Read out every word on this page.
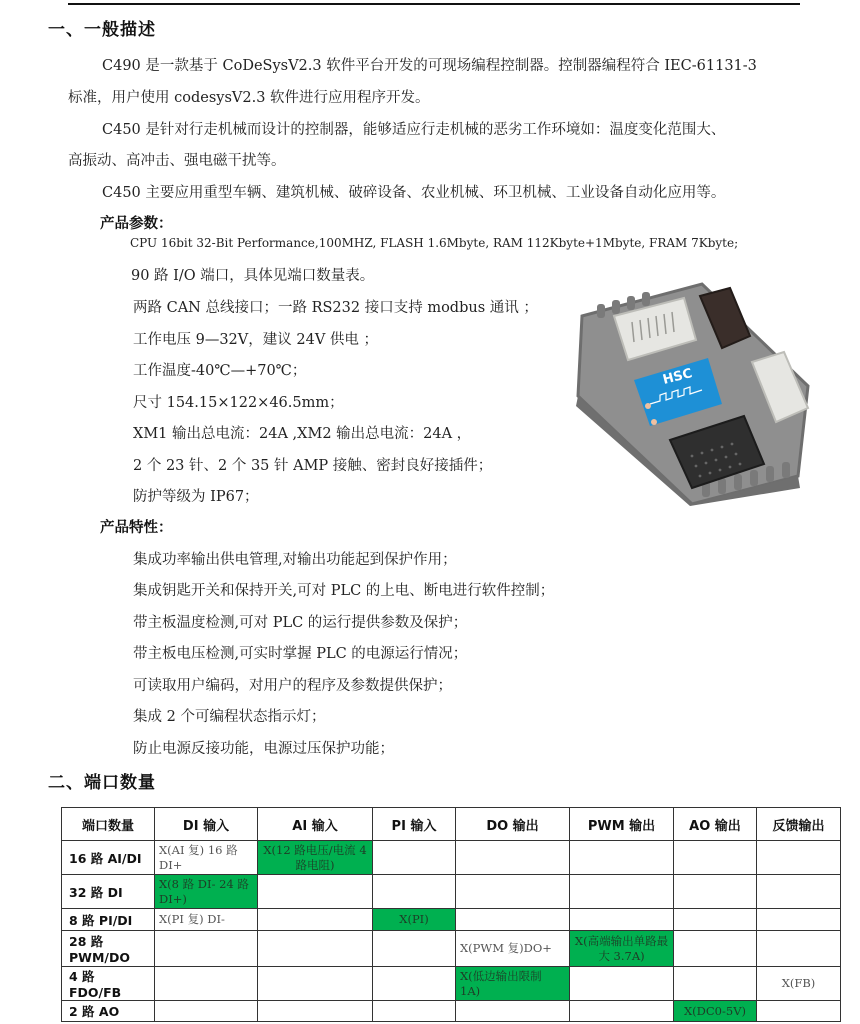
一、一般描述
C490 是一款基于 CoDeSysV2.3 软件平台开发的可现场编程控制器。控制器编程符合 IEC-61131-3
标准，用户使用 codesysV2.3 软件进行应用程序开发。
C450 是针对行走机械而设计的控制器，能够适应行走机械的恶劣工作环境如：温度变化范围大、
高振动、高冲击、强电磁干扰等。
C450 主要应用重型车辆、建筑机械、破碎设备、农业机械、环卫机械、工业设备自动化应用等。
产品参数：
CPU 16bit 32-Bit Performance,100MHZ, FLASH 1.6Mbyte, RAM 112Kbyte+1Mbyte, FRAM 7Kbyte;
90 路 I/O 端口，具体见端口数量表。
两路 CAN 总线接口；一路 RS232 接口支持 modbus 通讯 ；
工作电压 9—32V，建议 24V 供电 ；
工作温度-40℃—+70℃；
尺寸 154.15×122×46.5mm；
XM1 输出总电流：24A ,XM2 输出总电流：24A ，
2 个 23 针、2 个 35 针 AMP 接触、密封良好接插件；
防护等级为 IP67；
HSC
产品特性：
集成功率输出供电管理,对输出功能起到保护作用；
集成钥匙开关和保持开关,可对 PLC 的上电、断电进行软件控制；
带主板温度检测,可对 PLC 的运行提供参数及保护；
带主板电压检测,可实时掌握 PLC 的电源运行情况；
可读取用户编码，对用户的程序及参数提供保护；
集成 2 个可编程状态指示灯；
防止电源反接功能，电源过压保护功能；
二、端口数量
端口数量	DI 输入	AI 输入	PI 输入	DO 输出	PWM 输出	AO 输出	反馈输出
16 路 AI/DI	X(AI 复) 16 路 DI+	X(12 路电压/电流 4 路电阻)					
32 路 DI	X(8 路 DI- 24 路 DI+)						
8 路 PI/DI	X(PI 复) DI-		X(PI)				
28 路 PWM/DO				X(PWM 复)DO+	X(高端输出单路最大 3.7A)		
4 路 FDO/FB				X(低边输出限制 1A)			X(FB)
2 路 AO						X(DC0-5V)	
